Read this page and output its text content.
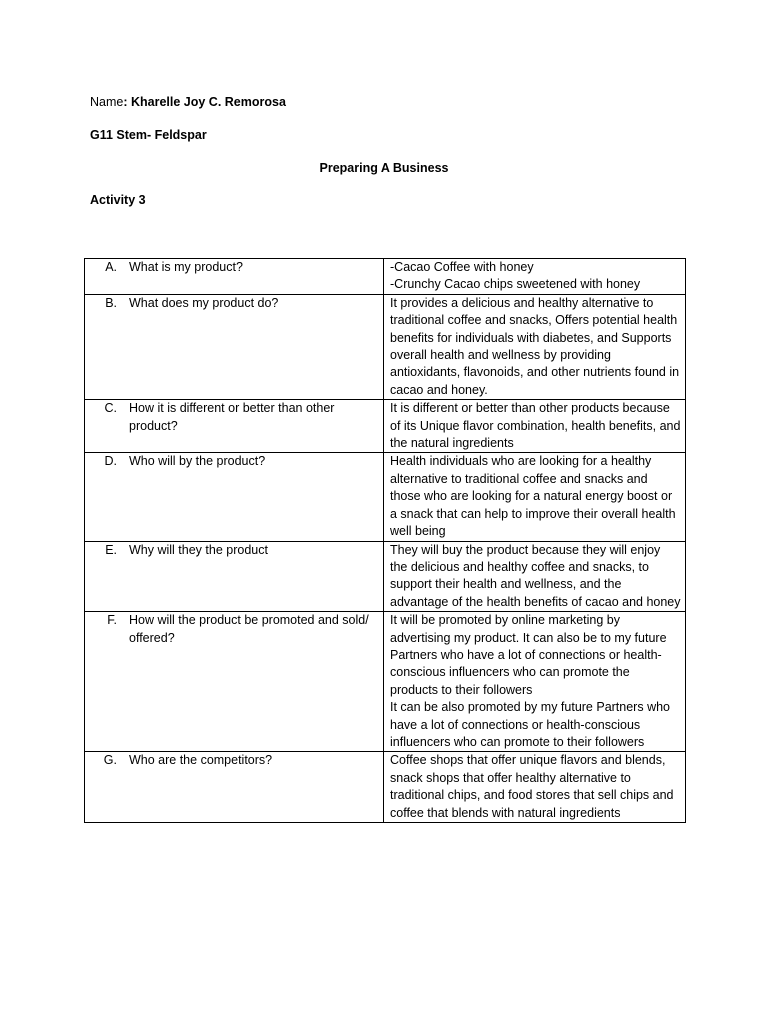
Name: Kharelle Joy C. Remorosa
G11 Stem- Feldspar
Preparing A Business
Activity 3
A. What is my product?	-Cacao Coffee with honey
-Crunchy Cacao chips sweetened with honey

B. What does my product do?	It provides a delicious and healthy alternative to traditional coffee and snacks, Offers potential health benefits for individuals with diabetes, and Supports overall health and wellness by providing antioxidants, flavonoids, and other nutrients found in cacao and honey.

C. How it is different or better than other product?	It is different or better than other products because of its Unique flavor combination, health benefits, and the natural ingredients

D. Who will by the product?	Health individuals who are looking for a healthy alternative to traditional coffee and snacks and those who are looking for a natural energy boost or a snack that can help to improve their overall health well being

E. Why will they the product	They will buy the product because they will enjoy the delicious and healthy coffee and snacks, to support their health and wellness, and the advantage of the health benefits of cacao and honey

F. How will the product be promoted and sold/ offered?	It will be promoted by online marketing by advertising my product. It can also be to my future Partners who have a lot of connections or health-conscious influencers who can promote the products to their followers
It can be also promoted by my future Partners who have a lot of connections or health-conscious influencers who can promote to their followers

G. Who are the competitors?	Coffee shops that offer unique flavors and blends, snack shops that offer healthy alternative to traditional chips, and food stores that sell chips and coffee that blends with natural ingredients
